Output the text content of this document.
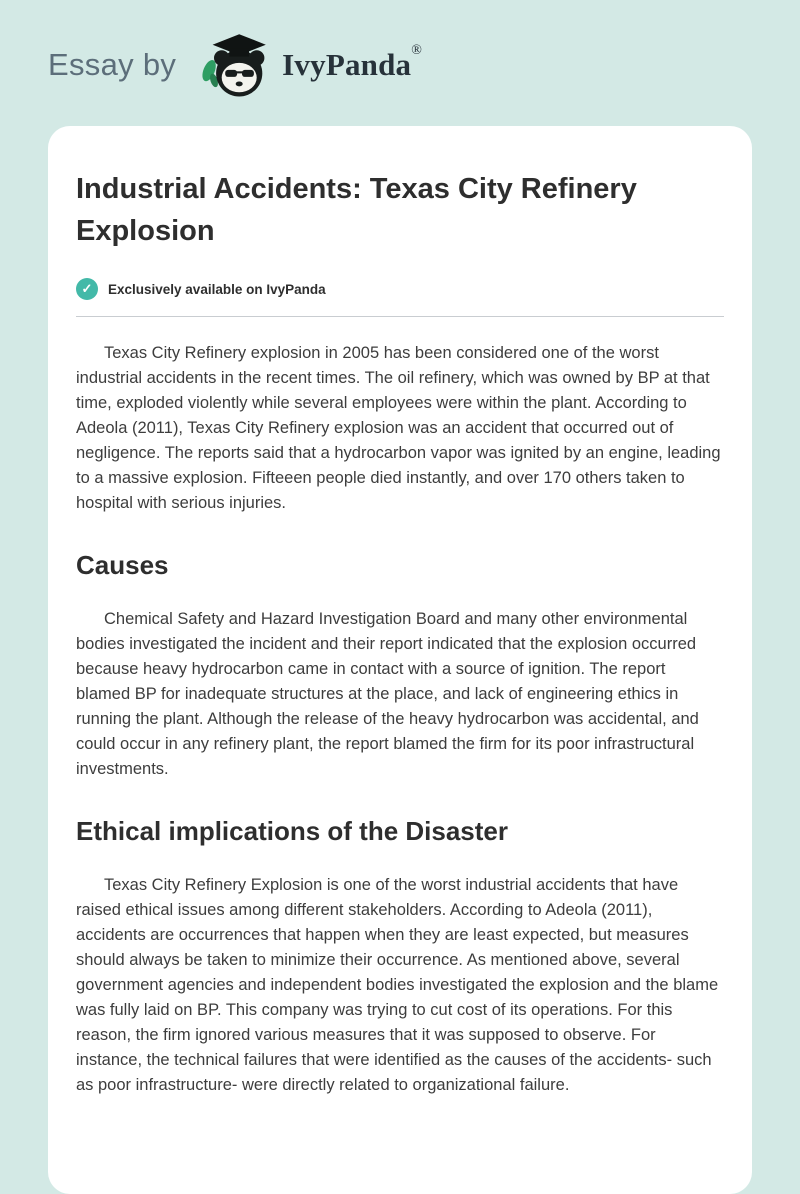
Essay by	IvyPanda®
Industrial Accidents: Texas City Refinery Explosion
✓	Exclusively available on IvyPanda

Texas City Refinery explosion in 2005 has been considered one of the worst industrial accidents in the recent times. The oil refinery, which was owned by BP at that time, exploded violently while several employees were within the plant. According to Adeola (2011), Texas City Refinery explosion was an accident that occurred out of negligence. The reports said that a hydrocarbon vapor was ignited by an engine, leading to a massive explosion. Fifteeen people died instantly, and over 170 others taken to hospital with serious injuries.

Causes

Chemical Safety and Hazard Investigation Board and many other environmental bodies investigated the incident and their report indicated that the explosion occurred because heavy hydrocarbon came in contact with a source of ignition. The report blamed BP for inadequate structures at the place, and lack of engineering ethics in running the plant. Although the release of the heavy hydrocarbon was accidental, and could occur in any refinery plant, the report blamed the firm for its poor infrastructural investments.

Ethical implications of the Disaster

Texas City Refinery Explosion is one of the worst industrial accidents that have raised ethical issues among different stakeholders. According to Adeola (2011), accidents are occurrences that happen when they are least expected, but measures should always be taken to minimize their occurrence. As mentioned above, several government agencies and independent bodies investigated the explosion and the blame was fully laid on BP. This company was trying to cut cost of its operations. For this reason, the firm ignored various measures that it was supposed to observe. For instance, the technical failures that were identified as the causes of the accidents- such as poor infrastructure- were directly related to organizational failure.
